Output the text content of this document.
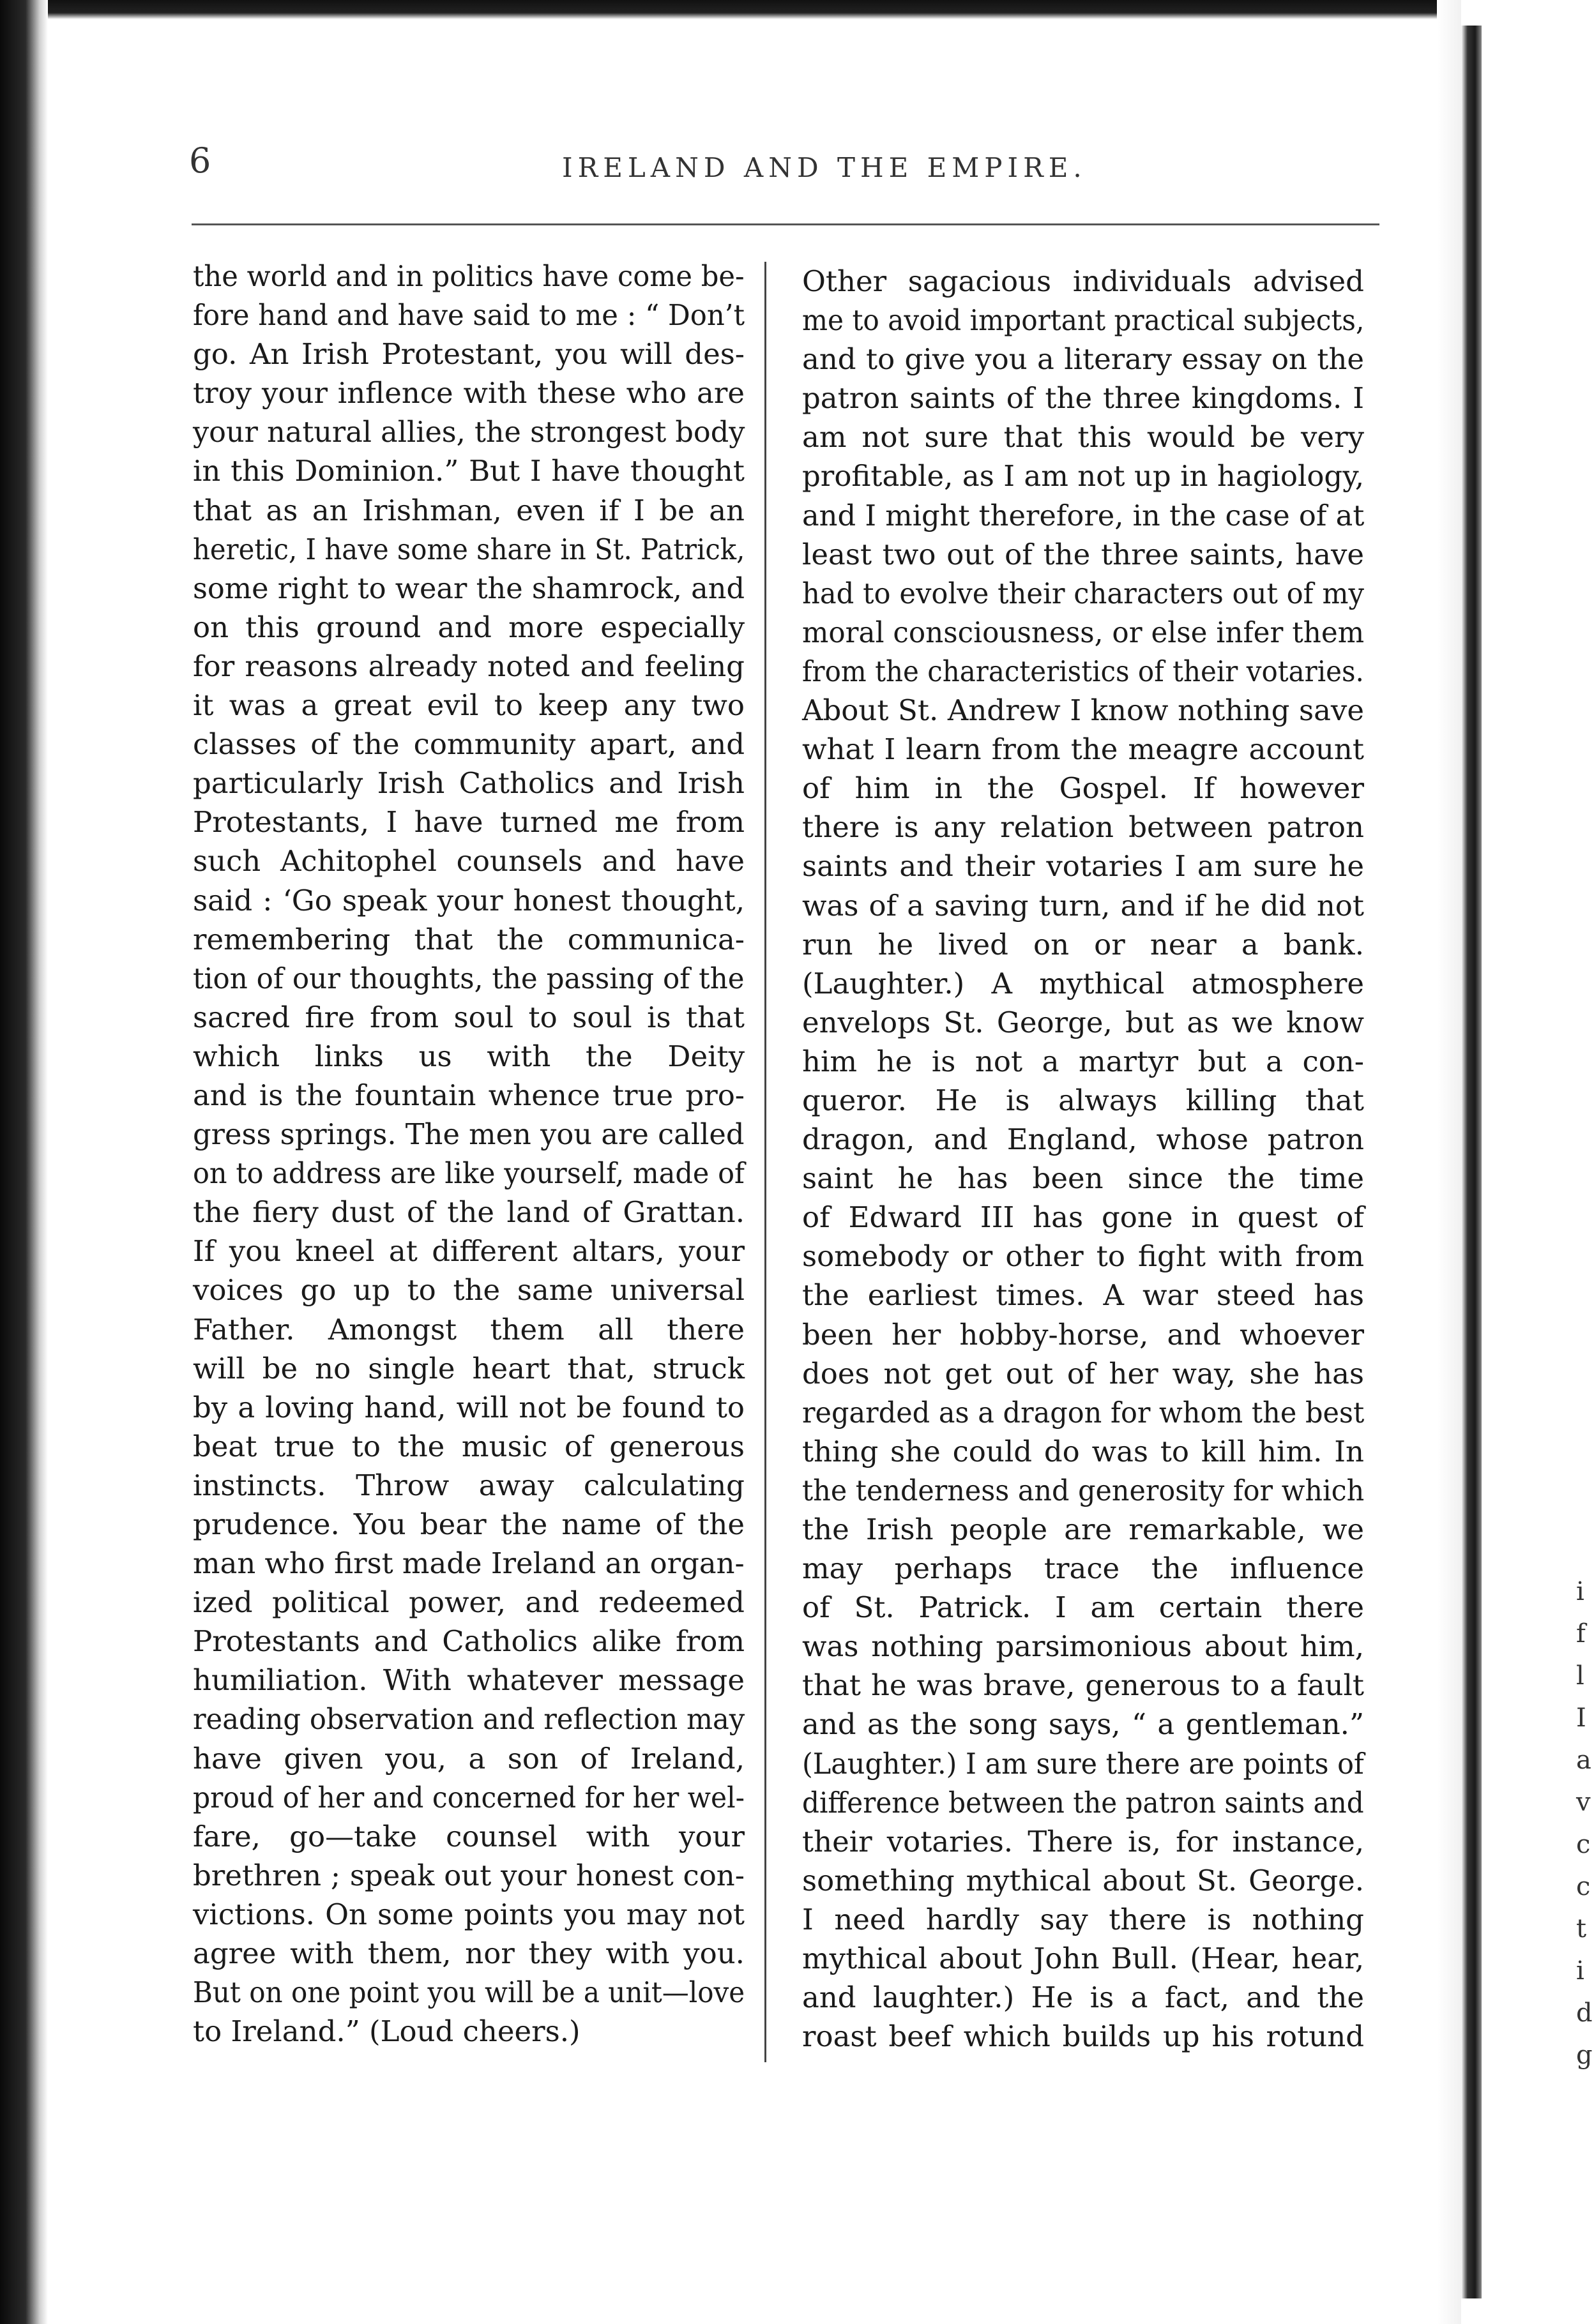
6	IRELAND AND THE EMPIRE.
the world and in politics have come be-
fore hand and have said to me : “ Don’t
go. An Irish Protestant, you will des-
troy your inflence with these who are
your natural allies, the strongest body
in this Dominion.” But I have thought
that as an Irishman, even if I be an
heretic, I have some share in St. Patrick,
some right to wear the shamrock, and
on this ground and more especially
for reasons already noted and feeling
it was a great evil to keep any two
classes of the community apart, and
particularly Irish Catholics and Irish
Protestants, I have turned me from
such Achitophel counsels and have
said : ‘Go speak your honest thought,
remembering that the communica-
tion of our thoughts, the passing of the
sacred fire from soul to soul is that
which links us with the Deity
and is the fountain whence true pro-
gress springs. The men you are called
on to address are like yourself, made of
the fiery dust of the land of Grattan.
If you kneel at different altars, your
voices go up to the same universal
Father. Amongst them all there
will be no single heart that, struck
by a loving hand, will not be found to
beat true to the music of generous
instincts. Throw away calculating
prudence. You bear the name of the
man who first made Ireland an organ-
ized political power, and redeemed
Protestants and Catholics alike from
humiliation. With whatever message
reading observation and reflection may
have given you, a son of Ireland,
proud of her and concerned for her wel-
fare, go—take counsel with your
brethren ; speak out your honest con-
victions. On some points you may not
agree with them, nor they with you.
But on one point you will be a unit—love
to Ireland.” (Loud cheers.)
Other sagacious individuals advised
me to avoid important practical subjects,
and to give you a literary essay on the
patron saints of the three kingdoms. I
am not sure that this would be very
profitable, as I am not up in hagiology,
and I might therefore, in the case of at
least two out of the three saints, have
had to evolve their characters out of my
moral consciousness, or else infer them
from the characteristics of their votaries.
About St. Andrew I know nothing save
what I learn from the meagre account
of him in the Gospel. If however
there is any relation between patron
saints and their votaries I am sure he
was of a saving turn, and if he did not
run he lived on or near a bank.
(Laughter.) A mythical atmosphere
envelops St. George, but as we know
him he is not a martyr but a con-
queror. He is always killing that
dragon, and England, whose patron
saint he has been since the time
of Edward III has gone in quest of
somebody or other to fight with from
the earliest times. A war steed has
been her hobby-horse, and whoever
does not get out of her way, she has
regarded as a dragon for whom the best
thing she could do was to kill him. In
the tenderness and generosity for which
the Irish people are remarkable, we
may perhaps trace the influence
of St. Patrick. I am certain there
was nothing parsimonious about him,
that he was brave, generous to a fault
and as the song says, “ a gentleman.”
(Laughter.) I am sure there are points of
difference between the patron saints and
their votaries. There is, for instance,
something mythical about St. George.
I need hardly say there is nothing
mythical about John Bull. (Hear, hear,
and laughter.) He is a fact, and the
roast beef which builds up his rotund
i
f
l
I
a
v
c
c
t
i
d
g
